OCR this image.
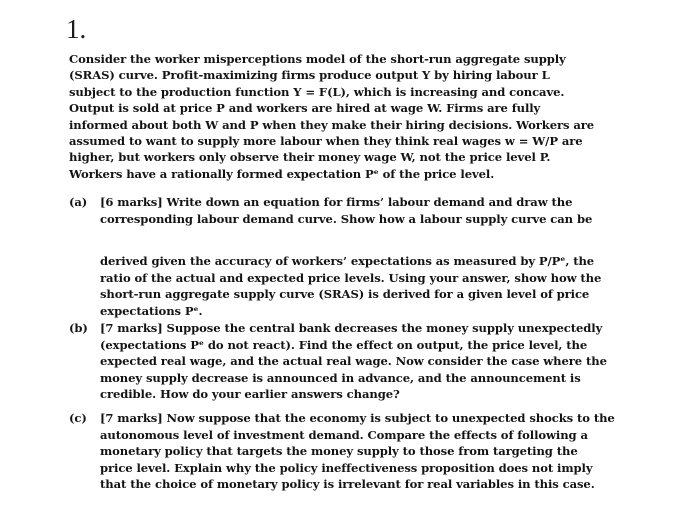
1.
Consider the worker misperceptions model of the short-run aggregate supply
(SRAS) curve. Profit-maximizing firms produce output Y by hiring labour L
subject to the production function Y = F(L), which is increasing and concave.
Output is sold at price P and workers are hired at wage W. Firms are fully
informed about both W and P when they make their hiring decisions. Workers are
assumed to want to supply more labour when they think real wages w = W/P are
higher, but workers only observe their money wage W, not the price level P.
Workers have a rationally formed expectation Pᵉ of the price level.
(a) [6 marks] Write down an equation for firms’ labour demand and draw the
corresponding labour demand curve. Show how a labour supply curve can be
derived given the accuracy of workers’ expectations as measured by P/Pᵉ, the
ratio of the actual and expected price levels. Using your answer, show how the
short-run aggregate supply curve (SRAS) is derived for a given level of price
expectations Pᵉ.
(b) [7 marks] Suppose the central bank decreases the money supply unexpectedly
(expectations Pᵉ do not react). Find the effect on output, the price level, the
expected real wage, and the actual real wage. Now consider the case where the
money supply decrease is announced in advance, and the announcement is
credible. How do your earlier answers change?
(c) [7 marks] Now suppose that the economy is subject to unexpected shocks to the
autonomous level of investment demand. Compare the effects of following a
monetary policy that targets the money supply to those from targeting the
price level. Explain why the policy ineffectiveness proposition does not imply
that the choice of monetary policy is irrelevant for real variables in this case.
